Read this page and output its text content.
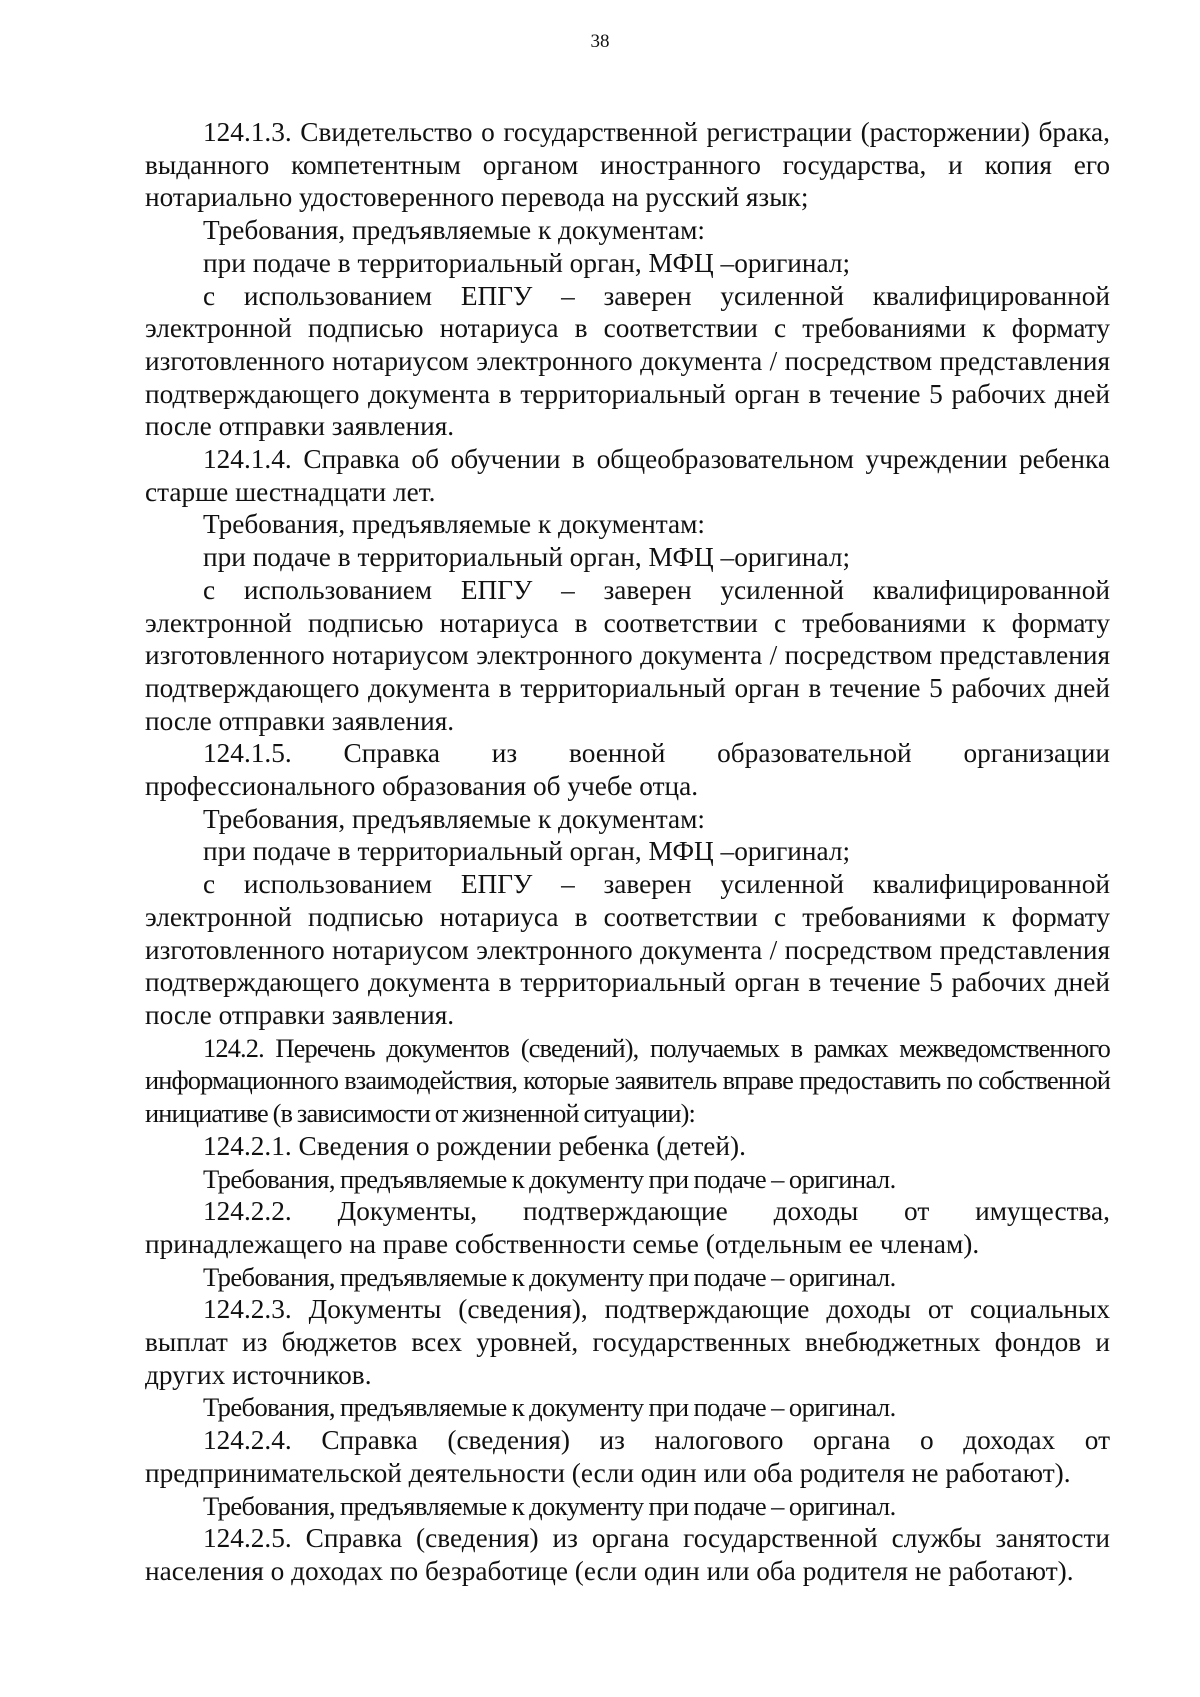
38

124.1.3. Свидетельство о государственной регистрации (расторжении) брака, выданного компетентным органом иностранного государства, и копия его нотариально удостоверенного перевода на русский язык;

Требования, предъявляемые к документам:

при подаче в территориальный орган, МФЦ –оригинал;

с использованием ЕПГУ – заверен усиленной квалифицированной электронной подписью нотариуса в соответствии с требованиями к формату изготовленного нотариусом электронного документа / посредством представления подтверждающего документа в территориальный орган в течение 5 рабочих дней после отправки заявления.

124.1.4. Справка об обучении в общеобразовательном учреждении ребенка старше шестнадцати лет.

Требования, предъявляемые к документам:

при подаче в территориальный орган, МФЦ –оригинал;

с использованием ЕПГУ – заверен усиленной квалифицированной электронной подписью нотариуса в соответствии с требованиями к формату изготовленного нотариусом электронного документа / посредством представления подтверждающего документа в территориальный орган в течение 5 рабочих дней после отправки заявления.

124.1.5. Справка из военной образовательной организации профессионального образования об учебе отца.

Требования, предъявляемые к документам:

при подаче в территориальный орган, МФЦ –оригинал;

с использованием ЕПГУ – заверен усиленной квалифицированной электронной подписью нотариуса в соответствии с требованиями к формату изготовленного нотариусом электронного документа / посредством представления подтверждающего документа в территориальный орган в течение 5 рабочих дней после отправки заявления.

124.2. Перечень документов (сведений), получаемых в рамках межведомственного информационного взаимодействия, которые заявитель вправе предоставить по собственной инициативе (в зависимости от жизненной ситуации):

124.2.1. Сведения о рождении ребенка (детей).

Требования, предъявляемые к документу при подаче – оригинал.

124.2.2. Документы, подтверждающие доходы от имущества, принадлежащего на праве собственности семье (отдельным ее членам).

Требования, предъявляемые к документу при подаче – оригинал.

124.2.3. Документы (сведения), подтверждающие доходы от социальных выплат из бюджетов всех уровней, государственных внебюджетных фондов и других источников.

Требования, предъявляемые к документу при подаче – оригинал.

124.2.4. Справка (сведения) из налогового органа о доходах от предпринимательской деятельности (если один или оба родителя не работают).

Требования, предъявляемые к документу при подаче – оригинал.

124.2.5. Справка (сведения) из органа государственной службы занятости населения о доходах по безработице (если один или оба родителя не работают).
